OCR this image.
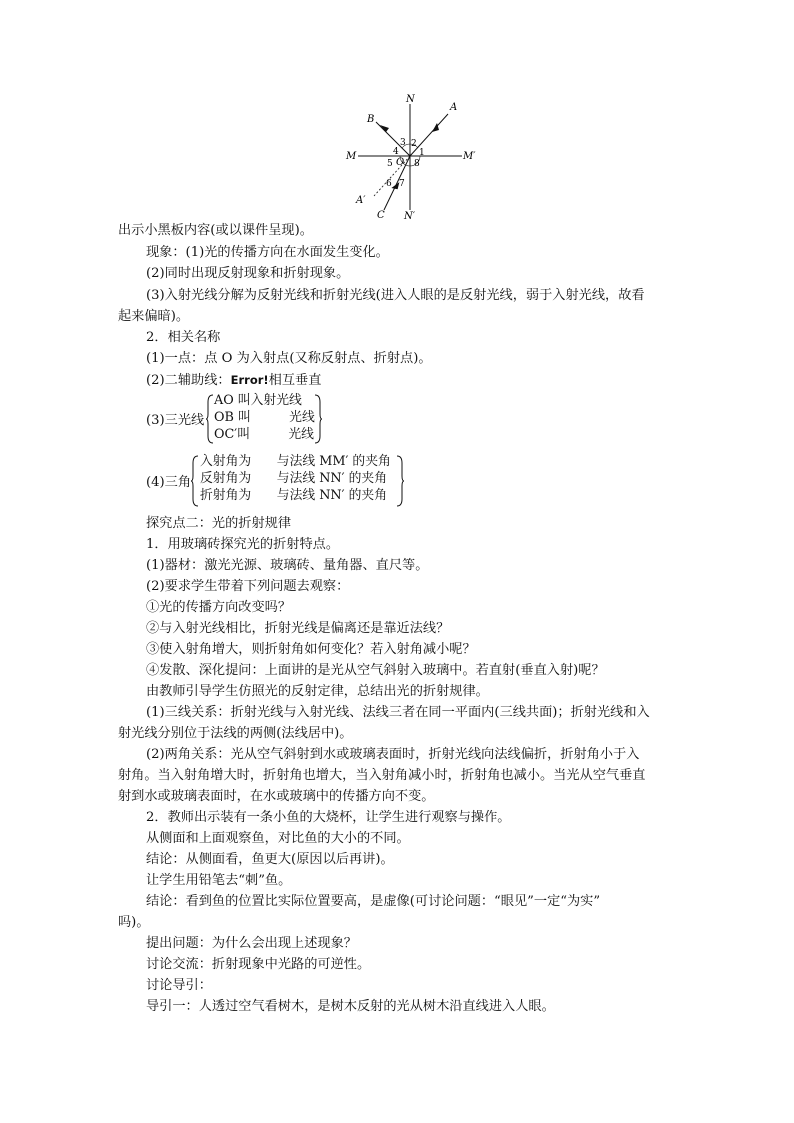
N
A
B
M	M′
O
A′
C N′
1
2
3
4
5
6 7
8
出示小黑板内容(或以课件呈现)。
现象：(1)光的传播方向在水面发生变化。
(2)同时出现反射现象和折射现象。
(3)入射光线分解为反射光线和折射光线(进入人眼的是反射光线，弱于入射光线，故看
起来偏暗)。
2．相关名称
(1)一点：点 O 为入射点(又称反射点、折射点)。
(2)二辅助线：Error!相互垂直
(3)三光线
AO 叫入射光线
OB 叫　　　光线
OC′叫　　　光线
(4)三角
入射角为　　与法线 MM′ 的夹角
反射角为　　与法线 NN′ 的夹角
折射角为　　与法线 NN′ 的夹角
探究点二：光的折射规律
1．用玻璃砖探究光的折射特点。
(1)器材：激光光源、玻璃砖、量角器、直尺等。
(2)要求学生带着下列问题去观察：
①光的传播方向改变吗？
②与入射光线相比，折射光线是偏离还是靠近法线？
③使入射角增大，则折射角如何变化？若入射角减小呢？
④发散、深化提问：上面讲的是光从空气斜射入玻璃中。若直射(垂直入射)呢？
由教师引导学生仿照光的反射定律，总结出光的折射规律。
(1)三线关系：折射光线与入射光线、法线三者在同一平面内(三线共面)；折射光线和入
射光线分别位于法线的两侧(法线居中)。
(2)两角关系：光从空气斜射到水或玻璃表面时，折射光线向法线偏折，折射角小于入
射角。当入射角增大时，折射角也增大，当入射角减小时，折射角也减小。当光从空气垂直
射到水或玻璃表面时，在水或玻璃中的传播方向不变。
2．教师出示装有一条小鱼的大烧杯，让学生进行观察与操作。
从侧面和上面观察鱼，对比鱼的大小的不同。
结论：从侧面看，鱼更大(原因以后再讲)。
让学生用铅笔去“刺”鱼。
结论：看到鱼的位置比实际位置要高，是虚像(可讨论问题：“眼见”一定“为实”
吗)。
提出问题：为什么会出现上述现象？
讨论交流：折射现象中光路的可逆性。
讨论导引：
导引一：人透过空气看树木，是树木反射的光从树木沿直线进入人眼。
